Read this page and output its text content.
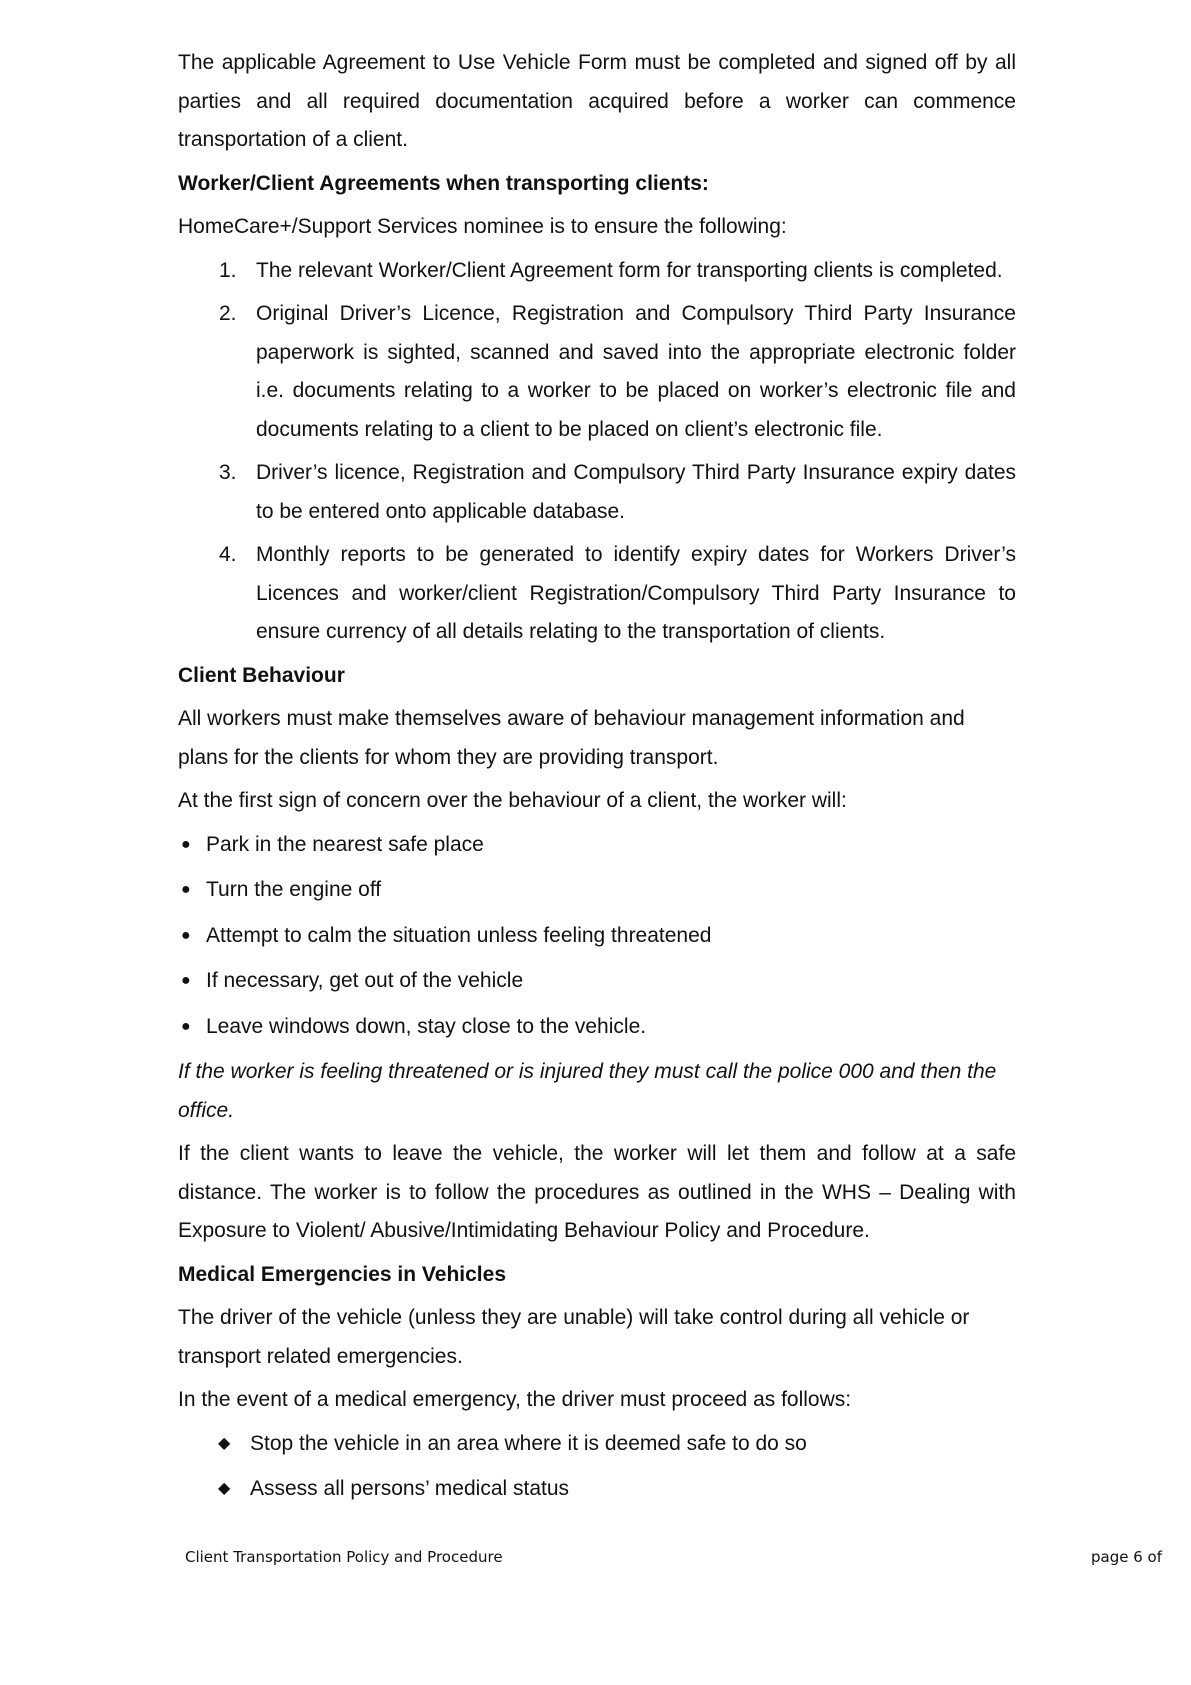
The applicable Agreement to Use Vehicle Form must be completed and signed off by all parties and all required documentation acquired before a worker can commence transportation of a client.

Worker/Client Agreements when transporting clients:

HomeCare+/Support Services nominee is to ensure the following:

1. The relevant Worker/Client Agreement form for transporting clients is completed.
2. Original Driver’s Licence, Registration and Compulsory Third Party Insurance paperwork is sighted, scanned and saved into the appropriate electronic folder i.e. documents relating to a worker to be placed on worker’s electronic file and documents relating to a client to be placed on client’s electronic file.
3. Driver’s licence, Registration and Compulsory Third Party Insurance expiry dates to be entered onto applicable database.
4. Monthly reports to be generated to identify expiry dates for Workers Driver’s Licences and worker/client Registration/Compulsory Third Party Insurance to ensure currency of all details relating to the transportation of clients.
Client Behaviour

All workers must make themselves aware of behaviour management information and plans for the clients for whom they are providing transport.

At the first sign of concern over the behaviour of a client, the worker will:

● Park in the nearest safe place
● Turn the engine off
● Attempt to calm the situation unless feeling threatened
● If necessary, get out of the vehicle
● Leave windows down, stay close to the vehicle.

If the worker is feeling threatened or is injured they must call the police 000 and then the office.

If the client wants to leave the vehicle, the worker will let them and follow at a safe distance. The worker is to follow the procedures as outlined in the WHS – Dealing with Exposure to Violent/ Abusive/Intimidating Behaviour Policy and Procedure.

Medical Emergencies in Vehicles

The driver of the vehicle (unless they are unable) will take control during all vehicle or transport related emergencies.

In the event of a medical emergency, the driver must proceed as follows:

◆ Stop the vehicle in an area where it is deemed safe to do so
◆ Assess all persons’ medical status
Client Transportation Policy and Procedure	page 6 of
